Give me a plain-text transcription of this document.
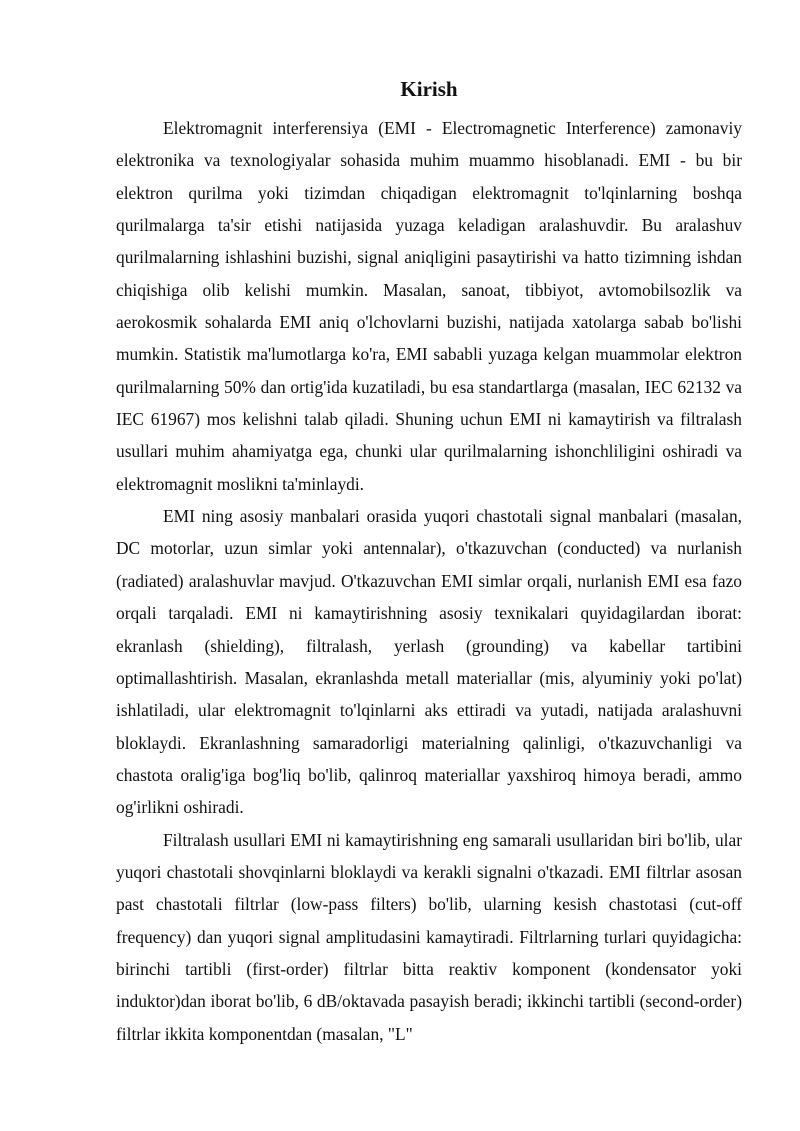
Kirish

Elektromagnit interferensiya (EMI - Electromagnetic Interference) zamonaviy elektronika va texnologiyalar sohasida muhim muammo hisoblanadi. EMI - bu bir elektron qurilma yoki tizimdan chiqadigan elektromagnit to'lqinlarning boshqa qurilmalarga ta'sir etishi natijasida yuzaga keladigan aralashuvdir. Bu aralashuv qurilmalarning ishlashini buzishi, signal aniqligini pasaytirishi va hatto tizimning ishdan chiqishiga olib kelishi mumkin. Masalan, sanoat, tibbiyot, avtomobilsozlik va aerokosmik sohalarda EMI aniq o'lchovlarni buzishi, natijada xatolarga sabab bo'lishi mumkin. Statistik ma'lumotlarga ko'ra, EMI sababli yuzaga kelgan muammolar elektron qurilmalarning 50% dan ortig'ida kuzatiladi, bu esa standartlarga (masalan, IEC 62132 va IEC 61967) mos kelishni talab qiladi. Shuning uchun EMI ni kamaytirish va filtralash usullari muhim ahamiyatga ega, chunki ular qurilmalarning ishonchliligini oshiradi va elektromagnit moslikni ta'minlaydi.

EMI ning asosiy manbalari orasida yuqori chastotali signal manbalari (masalan, DC motorlar, uzun simlar yoki antennalar), o'tkazuvchan (conducted) va nurlanish (radiated) aralashuvlar mavjud. O'tkazuvchan EMI simlar orqali, nurlanish EMI esa fazo orqali tarqaladi. EMI ni kamaytirishning asosiy texnikalari quyidagilardan iborat: ekranlash (shielding), filtralash, yerlash (grounding) va kabellar tartibini optimallashtirish. Masalan, ekranlashda metall materiallar (mis, alyuminiy yoki po'lat) ishlatiladi, ular elektromagnit to'lqinlarni aks ettiradi va yutadi, natijada aralashuvni bloklaydi. Ekranlashning samaradorligi materialning qalinligi, o'tkazuvchanligi va chastota oralig'iga bog'liq bo'lib, qalinroq materiallar yaxshiroq himoya beradi, ammo og'irlikni oshiradi.

Filtralash usullari EMI ni kamaytirishning eng samarali usullaridan biri bo'lib, ular yuqori chastotali shovqinlarni bloklaydi va kerakli signalni o'tkazadi. EMI filtrlar asosan past chastotali filtrlar (low-pass filters) bo'lib, ularning kesish chastotasi (cut-off frequency) dan yuqori signal amplitudasini kamaytiradi. Filtrlarning turlari quyidagicha: birinchi tartibli (first-order) filtrlar bitta reaktiv komponent (kondensator yoki induktor)dan iborat bo'lib, 6 dB/oktavada pasayish beradi; ikkinchi tartibli (second-order) filtrlar ikkita komponentdan (masalan, "L"
